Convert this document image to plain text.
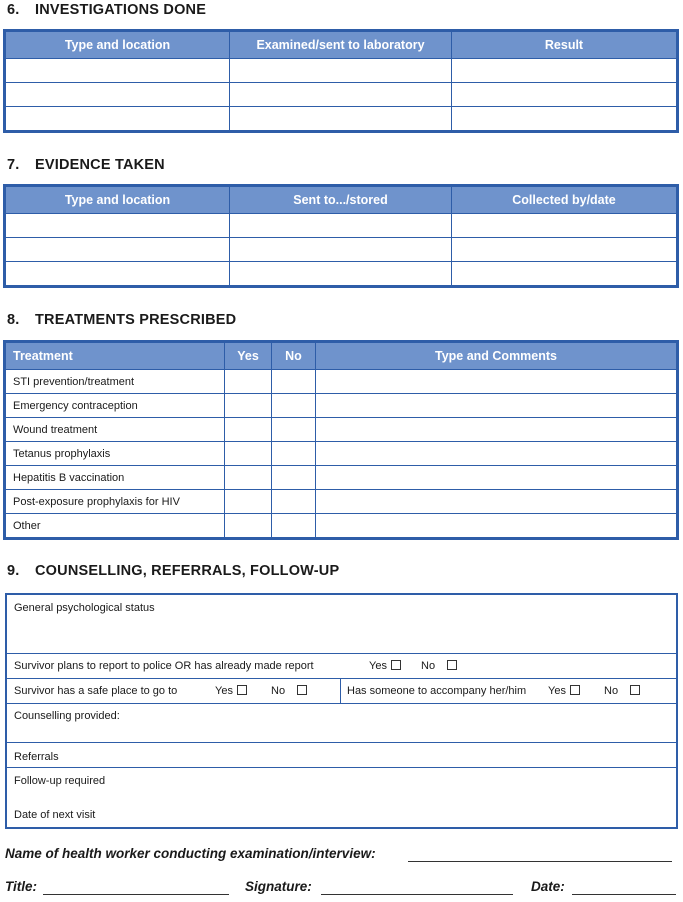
6. INVESTIGATIONS DONE
Type and location	Examined/sent to laboratory	Result

7. EVIDENCE TAKEN
Type and location	Sent to.../stored	Collected by/date

8. TREATMENTS PRESCRIBED
Treatment	Yes	No	Type and Comments
STI prevention/treatment			
Emergency contraception			
Wound treatment			
Tetanus prophylaxis			
Hepatitis B vaccination			
Post-exposure prophylaxis for HIV			
Other			
9. COUNSELLING, REFERRALS, FOLLOW-UP
General psychological status
Survivor plans to report to police OR has already made report	Yes	No
Survivor has a safe place to go to	Yes	No	Has someone to accompany her/him Yes	No
Counselling provided:
Referrals
Follow-up required
Date of next visit
Name of health worker conducting examination/interview:
Title:	Signature:	Date:
